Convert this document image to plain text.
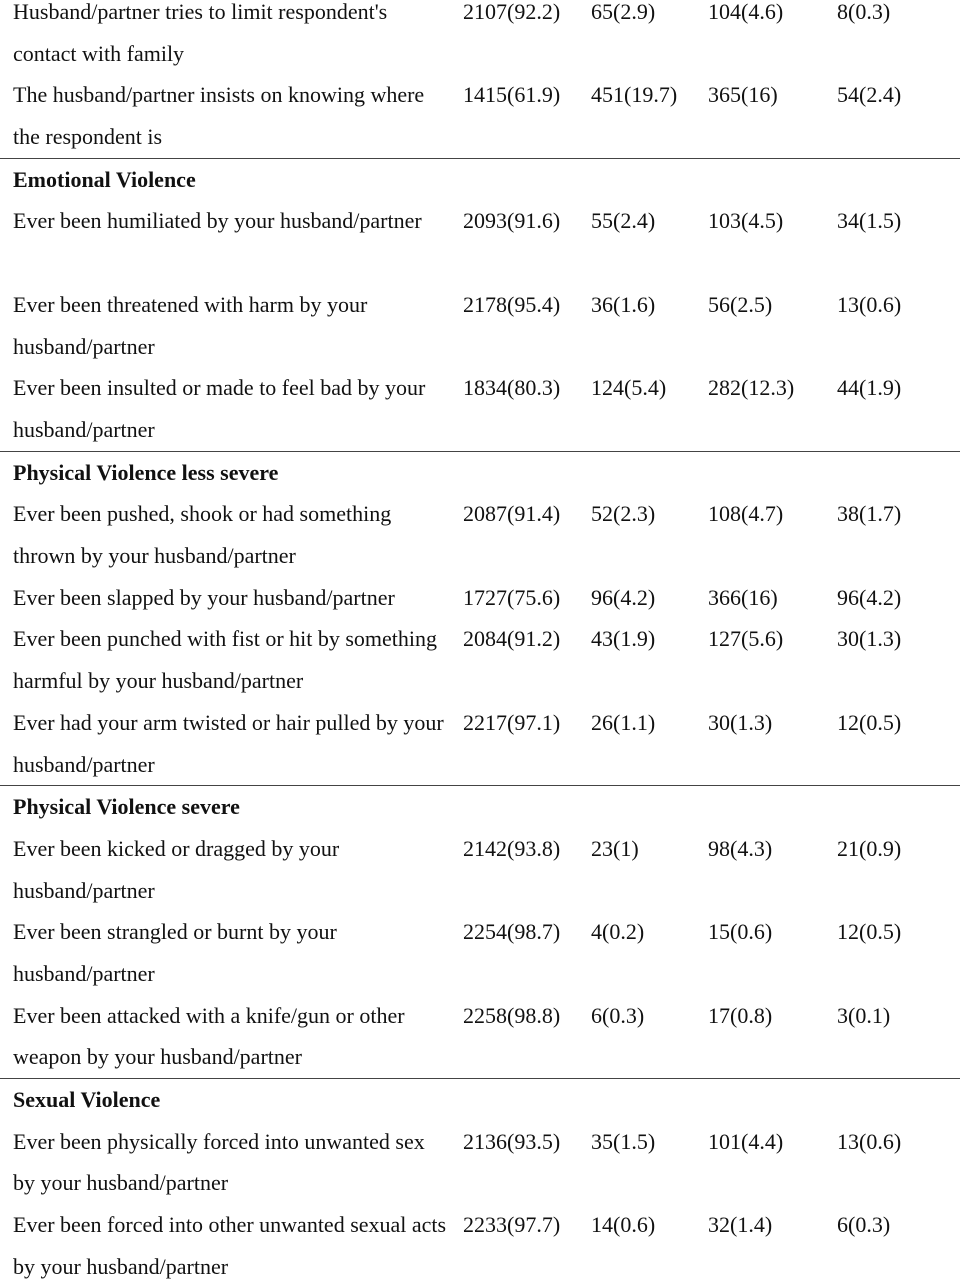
Husband/partner tries to limit respondent's contact with family
2107(92.2) 65(2.9) 104(4.6) 8(0.3)
The husband/partner insists on knowing where the respondent is
1415(61.9) 451(19.7) 365(16)	54(2.4)
Emotional Violence
Ever been humiliated by your husband/partner	2093(91.6) 55(2.4) 103(4.5) 34(1.5)
Ever been threatened with harm by your husband/partner
2178(95.4) 36(1.6) 56(2.5)	13(0.6)
Ever been insulted or made to feel bad by your husband/partner
1834(80.3) 124(5.4) 282(12.3) 44(1.9)
Physical Violence less severe
Ever been pushed, shook or had something thrown by your husband/partner
2087(91.4) 52(2.3) 108(4.7) 38(1.7)
Ever been slapped by your husband/partner	1727(75.6) 96(4.2) 366(16)	96(4.2)
Ever been punched with fist or hit by something harmful by your husband/partner
2084(91.2) 43(1.9) 127(5.6) 30(1.3)
Ever had your arm twisted or hair pulled by your husband/partner
2217(97.1) 26(1.1) 30(1.3)	12(0.5)
Physical Violence severe
Ever been kicked or dragged by your husband/partner
2142(93.8) 23(1)	98(4.3)	21(0.9)
Ever been strangled or burnt by your husband/partner
2254(98.7) 4(0.2)	15(0.6)	12(0.5)
Ever been attacked with a knife/gun or other weapon by your husband/partner
2258(98.8) 6(0.3)	17(0.8)	3(0.1)
Sexual Violence
Ever been physically forced into unwanted sex by your husband/partner
2136(93.5) 35(1.5) 101(4.4) 13(0.6)
Ever been forced into other unwanted sexual acts by your husband/partner
2233(97.7) 14(0.6) 32(1.4)	6(0.3)
